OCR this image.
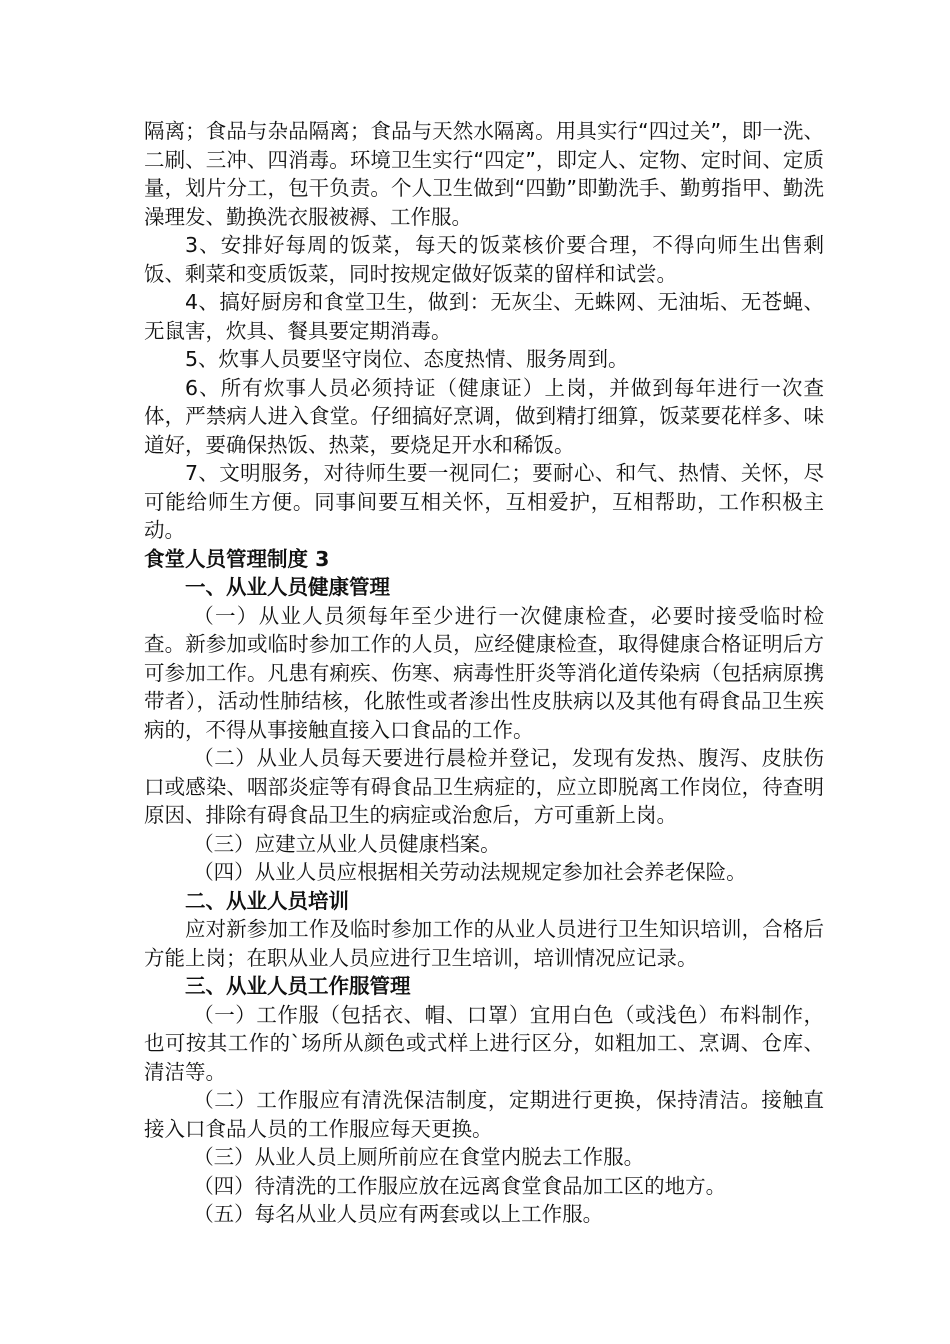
隔离；食品与杂品隔离；食品与天然水隔离。用具实行“四过关”，即一洗、二刷、三冲、四消毒。环境卫生实行“四定”，即定人、定物、定时间、定质量，划片分工，包干负责。个人卫生做到“四勤”即勤洗手、勤剪指甲、勤洗澡理发、勤换洗衣服被褥、工作服。

3、安排好每周的饭菜，每天的饭菜核价要合理，不得向师生出售剩饭、剩菜和变质饭菜，同时按规定做好饭菜的留样和试尝。

4、搞好厨房和食堂卫生，做到：无灰尘、无蛛网、无油垢、无苍蝇、无鼠害，炊具、餐具要定期消毒。

5、炊事人员要坚守岗位、态度热情、服务周到。

6、所有炊事人员必须持证（健康证）上岗，并做到每年进行一次查体，严禁病人进入食堂。仔细搞好烹调，做到精打细算，饭菜要花样多、味道好，要确保热饭、热菜，要烧足开水和稀饭。

7、文明服务，对待师生要一视同仁；要耐心、和气、热情、关怀，尽可能给师生方便。同事间要互相关怀，互相爱护，互相帮助，工作积极主动。

食堂人员管理制度 3

一、从业人员健康管理

（一）从业人员须每年至少进行一次健康检查，必要时接受临时检查。新参加或临时参加工作的人员，应经健康检查，取得健康合格证明后方可参加工作。凡患有痢疾、伤寒、病毒性肝炎等消化道传染病（包括病原携带者），活动性肺结核，化脓性或者渗出性皮肤病以及其他有碍食品卫生疾病的，不得从事接触直接入口食品的工作。

（二）从业人员每天要进行晨检并登记，发现有发热、腹泻、皮肤伤口或感染、咽部炎症等有碍食品卫生病症的，应立即脱离工作岗位，待查明原因、排除有碍食品卫生的病症或治愈后，方可重新上岗。

（三）应建立从业人员健康档案。

（四）从业人员应根据相关劳动法规规定参加社会养老保险。

二、从业人员培训

应对新参加工作及临时参加工作的从业人员进行卫生知识培训，合格后方能上岗；在职从业人员应进行卫生培训，培训情况应记录。

三、从业人员工作服管理

（一）工作服（包括衣、帽、口罩）宜用白色（或浅色）布料制作，也可按其工作的`场所从颜色或式样上进行区分，如粗加工、烹调、仓库、清洁等。

（二）工作服应有清洗保洁制度，定期进行更换，保持清洁。接触直接入口食品人员的工作服应每天更换。

（三）从业人员上厕所前应在食堂内脱去工作服。

（四）待清洗的工作服应放在远离食堂食品加工区的地方。

（五）每名从业人员应有两套或以上工作服。
